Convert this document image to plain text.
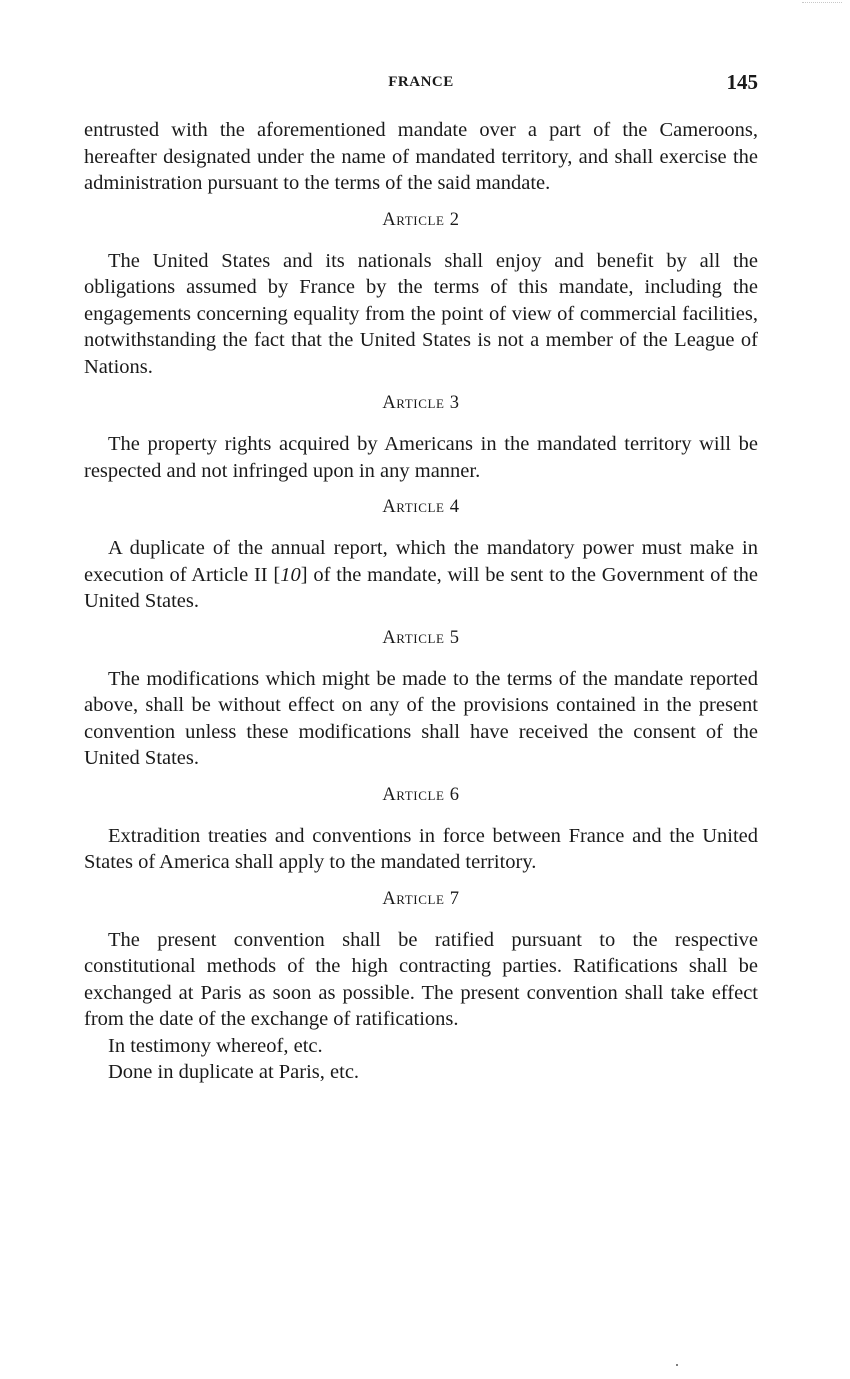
FRANCE	145

entrusted with the aforementioned mandate over a part of the Cameroons, hereafter designated under the name of mandated territory, and shall exercise the administration pursuant to the terms of the said mandate.

Article 2

The United States and its nationals shall enjoy and benefit by all the obligations assumed by France by the terms of this mandate, including the engagements concerning equality from the point of view of commercial facilities, notwithstanding the fact that the United States is not a member of the League of Nations.

Article 3

The property rights acquired by Americans in the mandated territory will be respected and not infringed upon in any manner.

Article 4

A duplicate of the annual report, which the mandatory power must make in execution of Article II [10] of the mandate, will be sent to the Government of the United States.

Article 5

The modifications which might be made to the terms of the mandate reported above, shall be without effect on any of the provisions contained in the present convention unless these modifications shall have received the consent of the United States.

Article 6

Extradition treaties and conventions in force between France and the United States of America shall apply to the mandated territory.

Article 7

The present convention shall be ratified pursuant to the respective constitutional methods of the high contracting parties. Ratifications shall be exchanged at Paris as soon as possible. The present convention shall take effect from the date of the exchange of ratifications.

In testimony whereof, etc.

Done in duplicate at Paris, etc.
